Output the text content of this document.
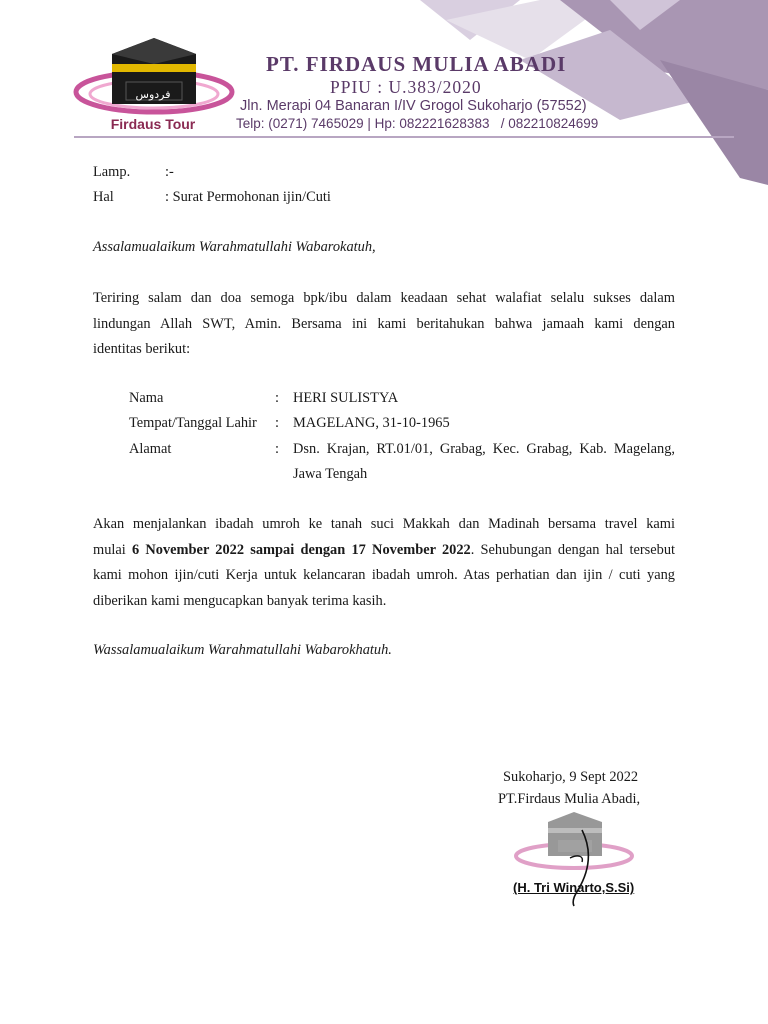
فردوس
Firdaus Tour
PT. FIRDAUS MULIA ABADI
PPIU : U.383/2020
Jln. Merapi 04 Banaran I/IV Grogol Sukoharjo (57552)
Telp: (0271) 7465029 | Hp: 082221628383   / 082210824699
Lamp. :-
Hal	: Surat Permohonan ijin/Cuti
Assalamualaikum Warahmatullahi Wabarokatuh,
Teriring salam dan doa semoga bpk/ibu dalam keadaan sehat walafiat selalu sukses dalam
lindungan Allah SWT, Amin. Bersama ini kami beritahukan bahwa jamaah kami dengan
identitas berikut:
Nama	: HERI SULISTYA
Tempat/Tanggal Lahir : MAGELANG, 31-10-1965
Alamat	: Dsn. Krajan, RT.01/01, Grabag, Kec. Grabag, Kab. Magelang,
Jawa Tengah
Akan menjalankan ibadah umroh ke tanah suci Makkah dan Madinah bersama travel kami
mulai 6 November 2022 sampai dengan 17 November 2022. Sehubungan dengan hal tersebut
kami mohon ijin/cuti Kerja untuk kelancaran ibadah umroh. Atas perhatian dan ijin / cuti yang
diberikan kami mengucapkan banyak terima kasih.
Wassalamualaikum Warahmatullahi Wabarokhatuh.
Sukoharjo, 9 Sept 2022
PT.Firdaus Mulia Abadi,
(H. Tri Winarto,S.Si)
